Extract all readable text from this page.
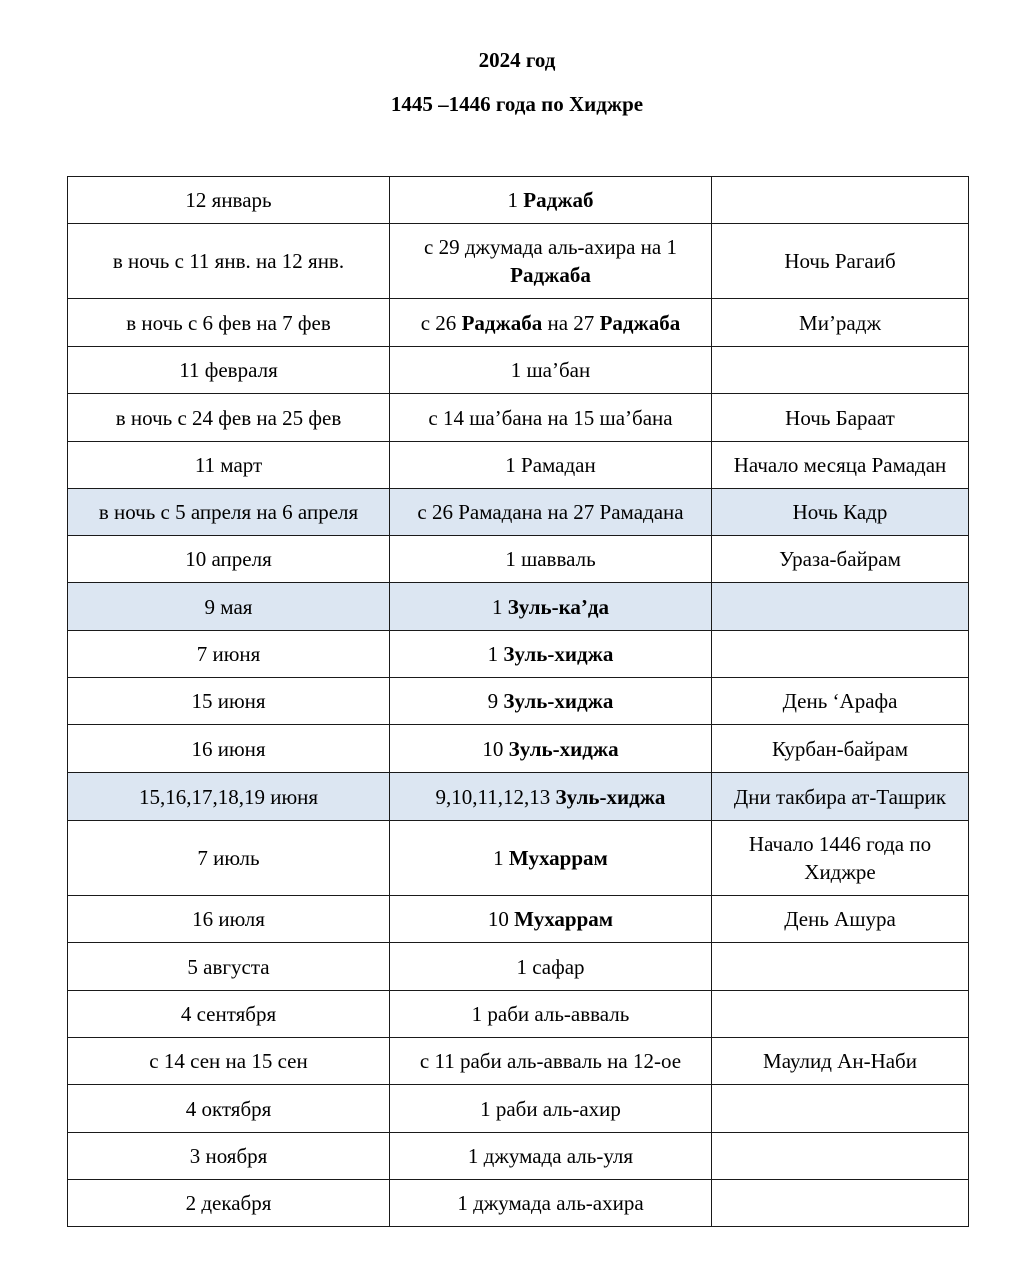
2024 год
1445 –1446 года по Хиджре
12 январь	1 Раджаб	
в ночь с 11 янв. на 12 янв.	с 29 джумада аль-ахира на 1 Раджаба	Ночь Рагаиб
в ночь с 6 фев на 7 фев	с 26 Раджаба на 27 Раджаба	Ми’радж
11 февраля	1 ша’бан	
в ночь с 24 фев на 25 фев	с 14 ша’бана на 15 ша’бана	Ночь Бараат
11 март	1 Рамадан	Начало месяца Рамадан
в ночь с 5 апреля на 6 апреля	с 26 Рамадана на 27 Рамадана	Ночь Кадр
10 апреля	1 шавваль	Ураза-байрам
9 мая	1 Зуль-ка’да	
7 июня	1 Зуль-хиджа	
15 июня	9 Зуль-хиджа	День ‘Арафа
16 июня	10 Зуль-хиджа	Курбан-байрам
15,16,17,18,19 июня	9,10,11,12,13 Зуль-хиджа	Дни такбира ат-Ташрик
7 июль	1 Мухаррам	Начало 1446 года по Хиджре
16 июля	10 Мухаррам	День Ашура
5 августа	1 сафар	
4 сентября	1 раби аль-авваль	
с 14 сен на 15 сен	с 11 раби аль-авваль на 12-ое	Маулид Ан-Наби
4 октября	1 раби аль-ахир	
3 ноября	1 джумада аль-уля	
2 декабря	1 джумада аль-ахира	
